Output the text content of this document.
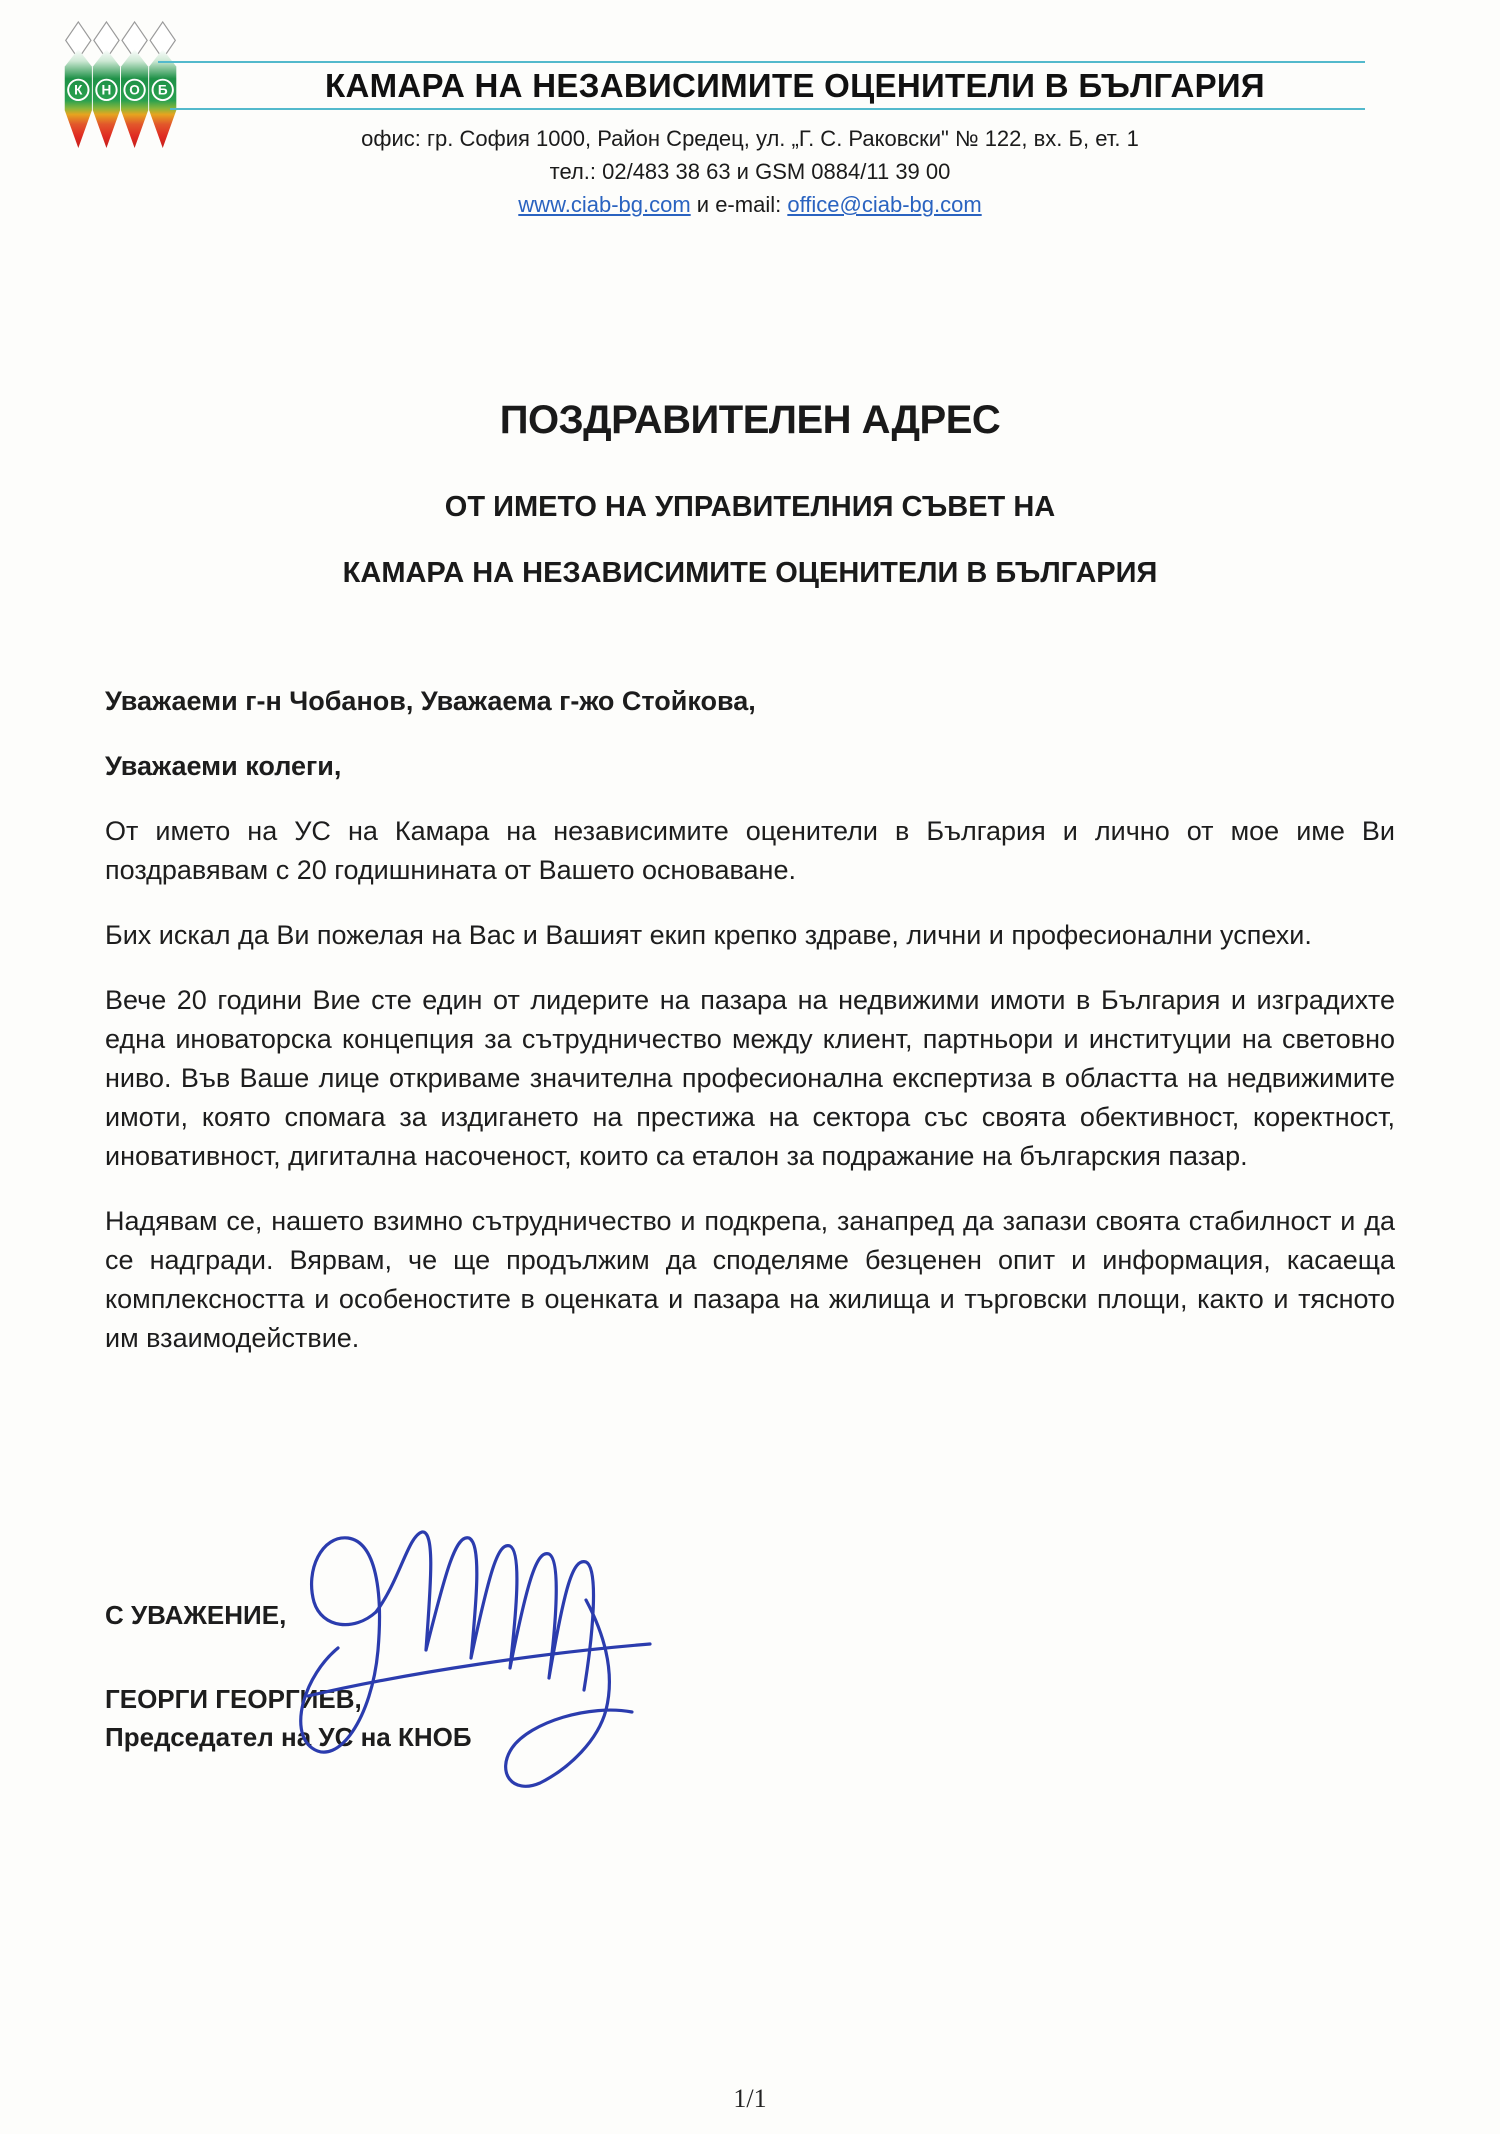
К Н О Б	КАМАРА НА НЕЗАВИСИМИТЕ ОЦЕНИТЕЛИ В БЪЛГАРИЯ
офис: гр. София 1000, Район Средец, ул. „Г. С. Раковски" № 122, вх. Б, ет. 1
тел.: 02/483 38 63 и GSM 0884/11 39 00
www.ciab-bg.com и e-mail: office@ciab-bg.com

ПОЗДРАВИТЕЛЕН АДРЕС

ОТ ИМЕТО НА УПРАВИТЕЛНИЯ СЪВЕТ НА

КАМАРА НА НЕЗАВИСИМИТЕ ОЦЕНИТЕЛИ В БЪЛГАРИЯ

Уважаеми г-н Чобанов, Уважаема г-жо Стойкова,

Уважаеми колеги,

От името на УС на Камара на независимите оценители в България и лично от мое име Ви поздравявам с 20 годишнината от Вашето основаване.

Бих искал да Ви пожелая на Вас и Вашият екип крепко здраве, лични и професионални успехи.

Вече 20 години Вие сте един от лидерите на пазара на недвижими имоти в България и изградихте една иноваторска концепция за сътрудничество между клиент, партньори и институции на световно ниво. Във Ваше лице откриваме значителна професионална експертиза в областта на недвижимите имоти, която спомага за издигането на престижа на сектора със своята обективност, коректност, иновативност, дигитална насоченост, които са еталон за подражание на българския пазар.

Надявам се, нашето взимно сътрудничество и подкрепа, занапред да запази своята стабилност и да се надгради. Вярвам, че ще продължим да споделяме безценен опит и информация, касаеща комплексността и особеностите в оценката и пазара на жилища и търговски площи, както и тясното им взаимодействие.

С УВАЖЕНИЕ,

ГЕОРГИ ГЕОРГИЕВ,

Председател на УС на КНОБ

1/1
